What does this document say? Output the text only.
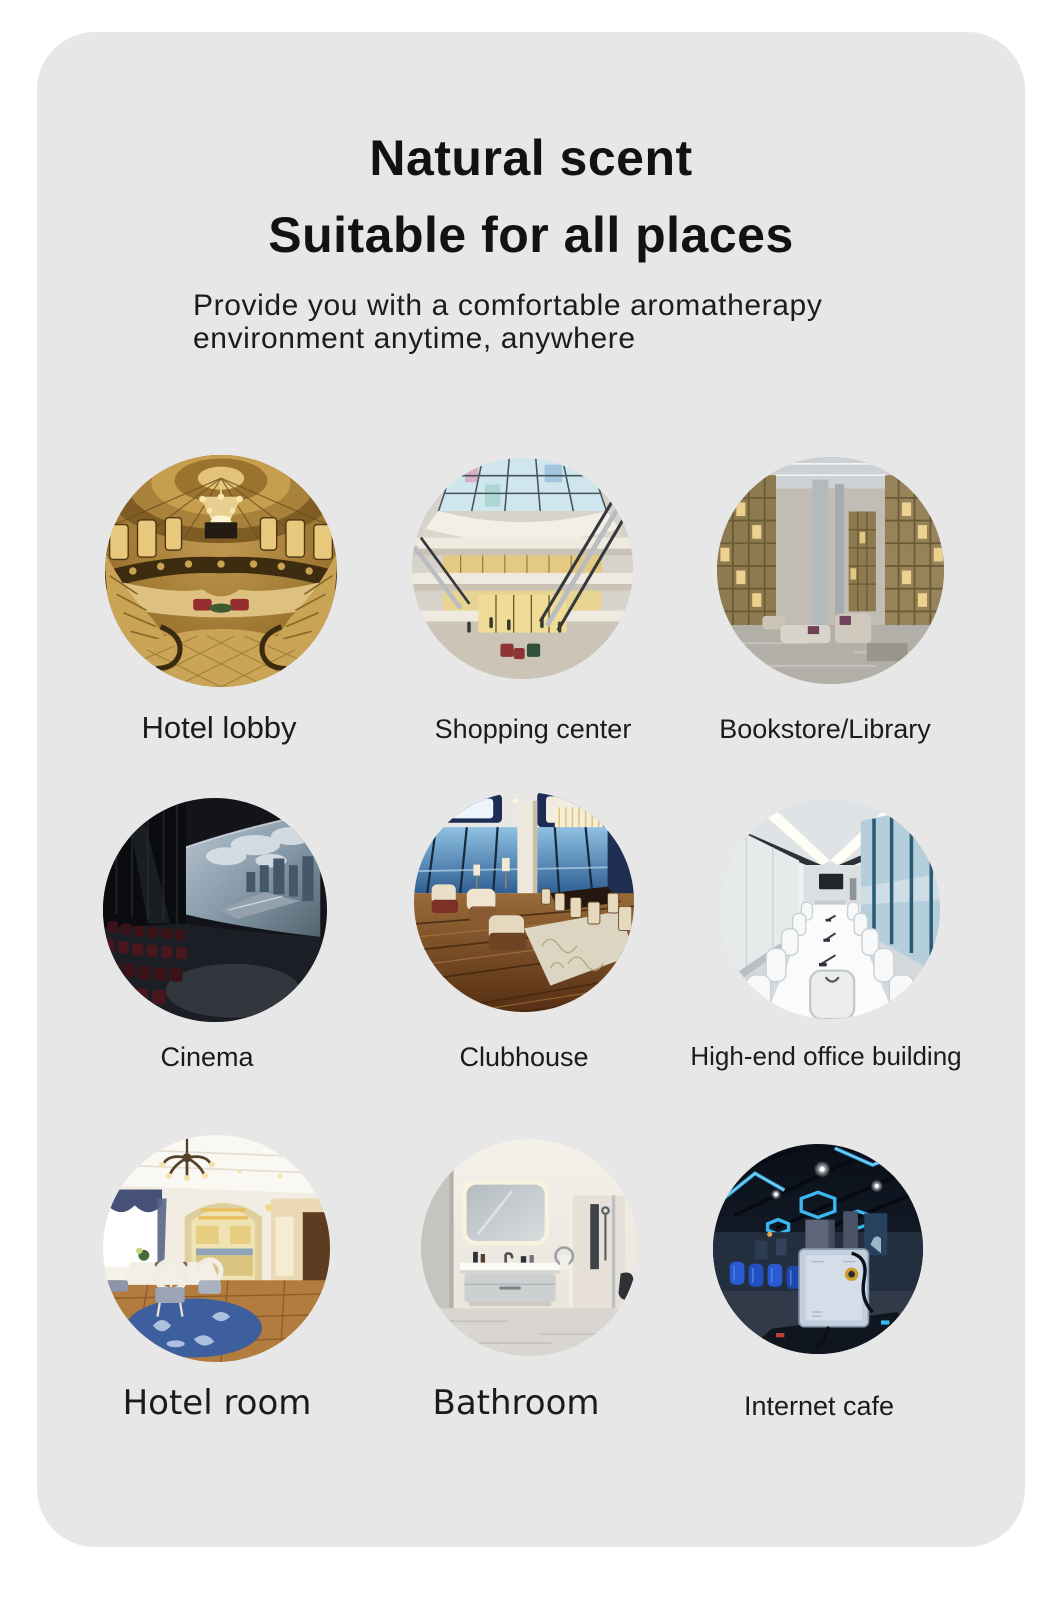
Natural scent
Suitable for all places
Provide you with a comfortable aromatherapy
environment anytime, anywhere
Hotel lobby	Shopping center	Bookstore/Library
Cinema	Clubhouse	High-end office building
Hotel room	Bathroom	Internet cafe
